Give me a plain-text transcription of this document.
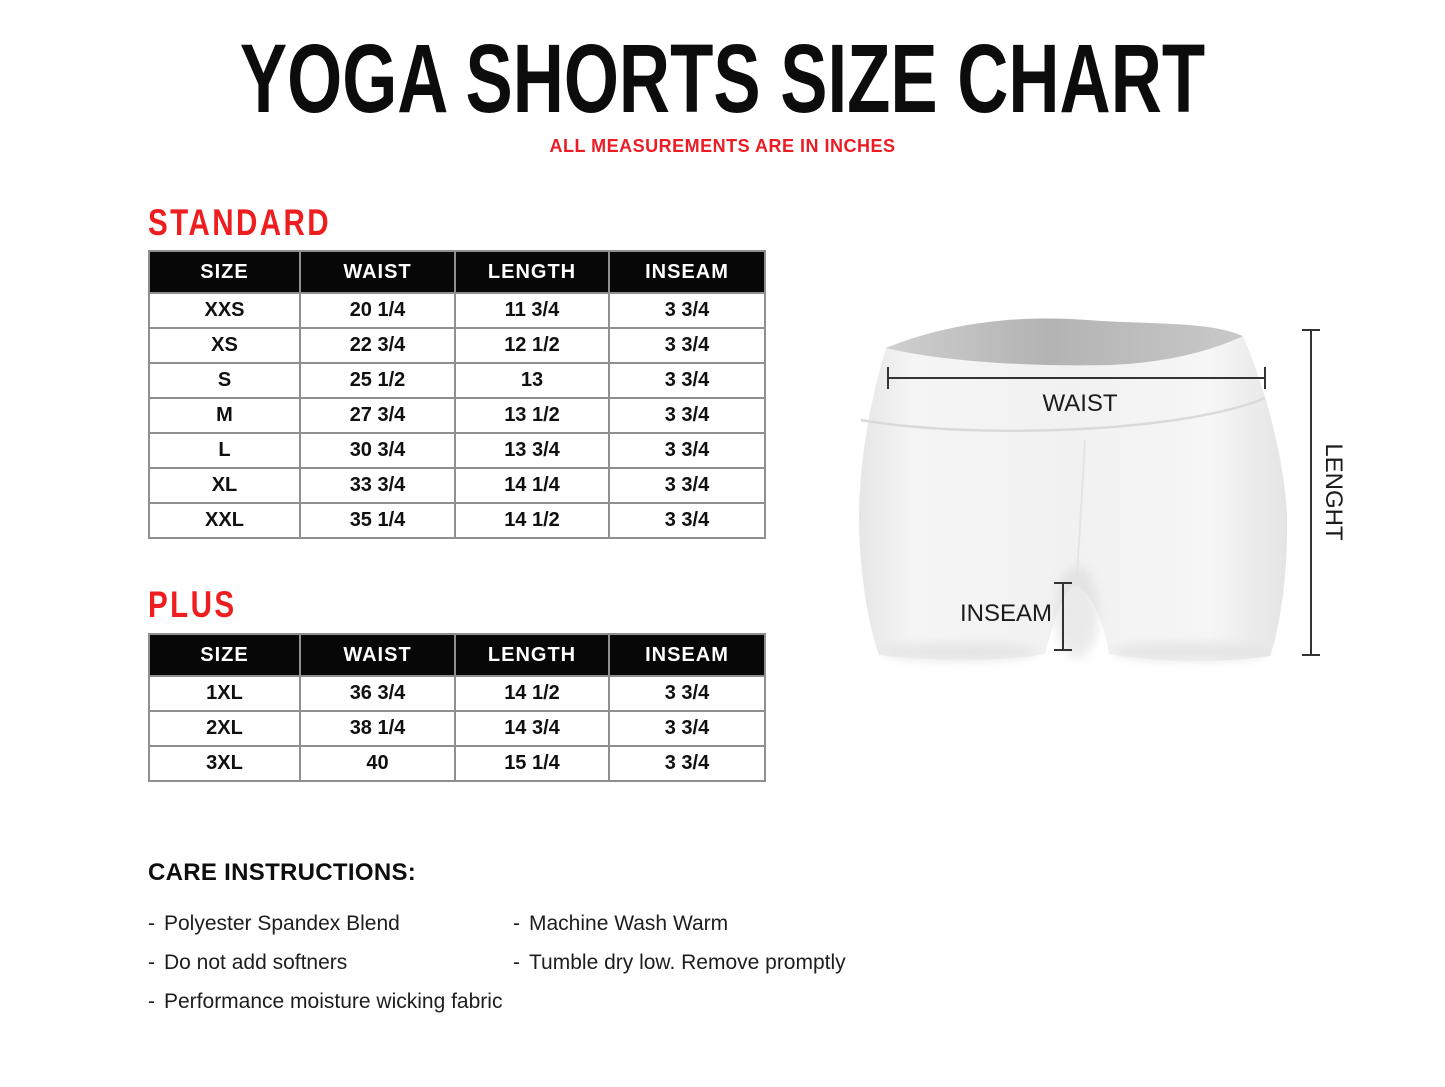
YOGA SHORTS SIZE CHART
ALL MEASUREMENTS ARE IN INCHES
STANDARD
SIZE	WAIST	LENGTH	INSEAM
XXS	20 1/4	11 3/4	3 3/4
XS	22 3/4	12 1/2	3 3/4
S	25 1/2	13	3 3/4
M	27 3/4	13 1/2	3 3/4
L	30 3/4	13 3/4	3 3/4
XL	33 3/4	14 1/4	3 3/4
XXL	35 1/4	14 1/2	3 3/4
PLUS
SIZE	WAIST	LENGTH	INSEAM
1XL	36 3/4	14 1/2	3 3/4
2XL	38 1/4	14 3/4	3 3/4
3XL	40	15 1/4	3 3/4
WAIST
INSEAM
LENGHT
CARE INSTRUCTIONS:
- Polyester Spandex Blend	- Machine Wash Warm
- Do not add softners	- Tumble dry low. Remove promptly
- Performance moisture wicking fabric
